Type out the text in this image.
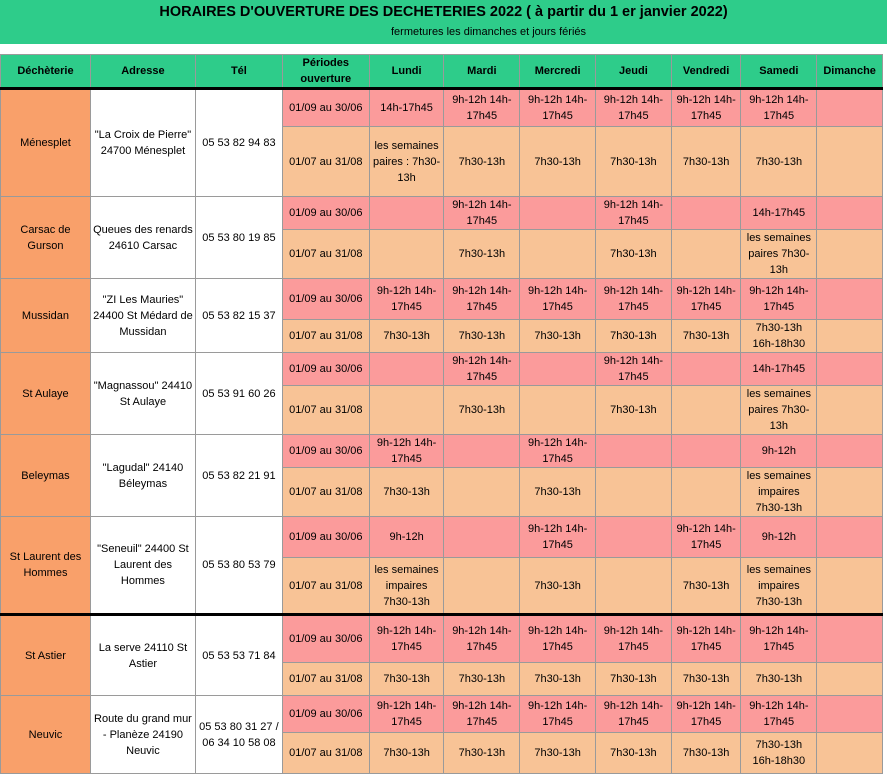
HORAIRES D'OUVERTURE DES DECHETERIES 2022 ( à partir du 1 er janvier 2022)
fermetures les dimanches et jours fériés
Déchèterie	Adresse	Tél	Périodes ouverture	Lundi	Mardi	Mercredi	Jeudi	Vendredi	Samedi	Dimanche
Ménesplet	"La Croix de Pierre" 24700 Ménesplet	05 53 82 94 83	01/09 au 30/06	14h-17h45	9h-12h 14h-17h45	9h-12h 14h-17h45	9h-12h 14h-17h45	9h-12h 14h-17h45	9h-12h 14h-17h45	
			01/07 au 31/08	les semaines paires : 7h30-13h	7h30-13h	7h30-13h	7h30-13h	7h30-13h	7h30-13h	
Carsac de Gurson	Queues des renards 24610 Carsac	05 53 80 19 85	01/09 au 30/06		9h-12h 14h-17h45		9h-12h 14h-17h45		14h-17h45	
			01/07 au 31/08		7h30-13h		7h30-13h		les semaines paires 7h30-13h	
Mussidan	"ZI Les Mauries" 24400 St Médard de Mussidan	05 53 82 15 37	01/09 au 30/06	9h-12h 14h-17h45	9h-12h 14h-17h45	9h-12h 14h-17h45	9h-12h 14h-17h45	9h-12h 14h-17h45	9h-12h 14h-17h45	
			01/07 au 31/08	7h30-13h	7h30-13h	7h30-13h	7h30-13h	7h30-13h	7h30-13h 16h-18h30	
St Aulaye	"Magnassou" 24410 St Aulaye	05 53 91 60 26	01/09 au 30/06		9h-12h 14h-17h45		9h-12h 14h-17h45		14h-17h45	
			01/07 au 31/08		7h30-13h		7h30-13h		les semaines paires 7h30-13h	
Beleymas	"Lagudal" 24140 Béleymas	05 53 82 21 91	01/09 au 30/06	9h-12h 14h-17h45		9h-12h 14h-17h45			9h-12h	
			01/07 au 31/08	7h30-13h		7h30-13h			les semaines impaires 7h30-13h	
St Laurent des Hommes	"Seneuil" 24400 St Laurent des Hommes	05 53 80 53 79	01/09 au 30/06	9h-12h		9h-12h 14h-17h45		9h-12h 14h-17h45	9h-12h	
			01/07 au 31/08	les semaines impaires 7h30-13h		7h30-13h		7h30-13h	les semaines impaires 7h30-13h	
St Astier	La serve 24110 St Astier	05 53 53 71 84	01/09 au 30/06	9h-12h 14h-17h45	9h-12h 14h-17h45	9h-12h 14h-17h45	9h-12h 14h-17h45	9h-12h 14h-17h45	9h-12h 14h-17h45	
			01/07 au 31/08	7h30-13h	7h30-13h	7h30-13h	7h30-13h	7h30-13h	7h30-13h	
Neuvic	Route du grand mur - Planèze 24190 Neuvic	05 53 80 31 27 / 06 34 10 58 08	01/09 au 30/06	9h-12h 14h-17h45	9h-12h 14h-17h45	9h-12h 14h-17h45	9h-12h 14h-17h45	9h-12h 14h-17h45	9h-12h 14h-17h45	
			01/07 au 31/08	7h30-13h	7h30-13h	7h30-13h	7h30-13h	7h30-13h	7h30-13h 16h-18h30	
